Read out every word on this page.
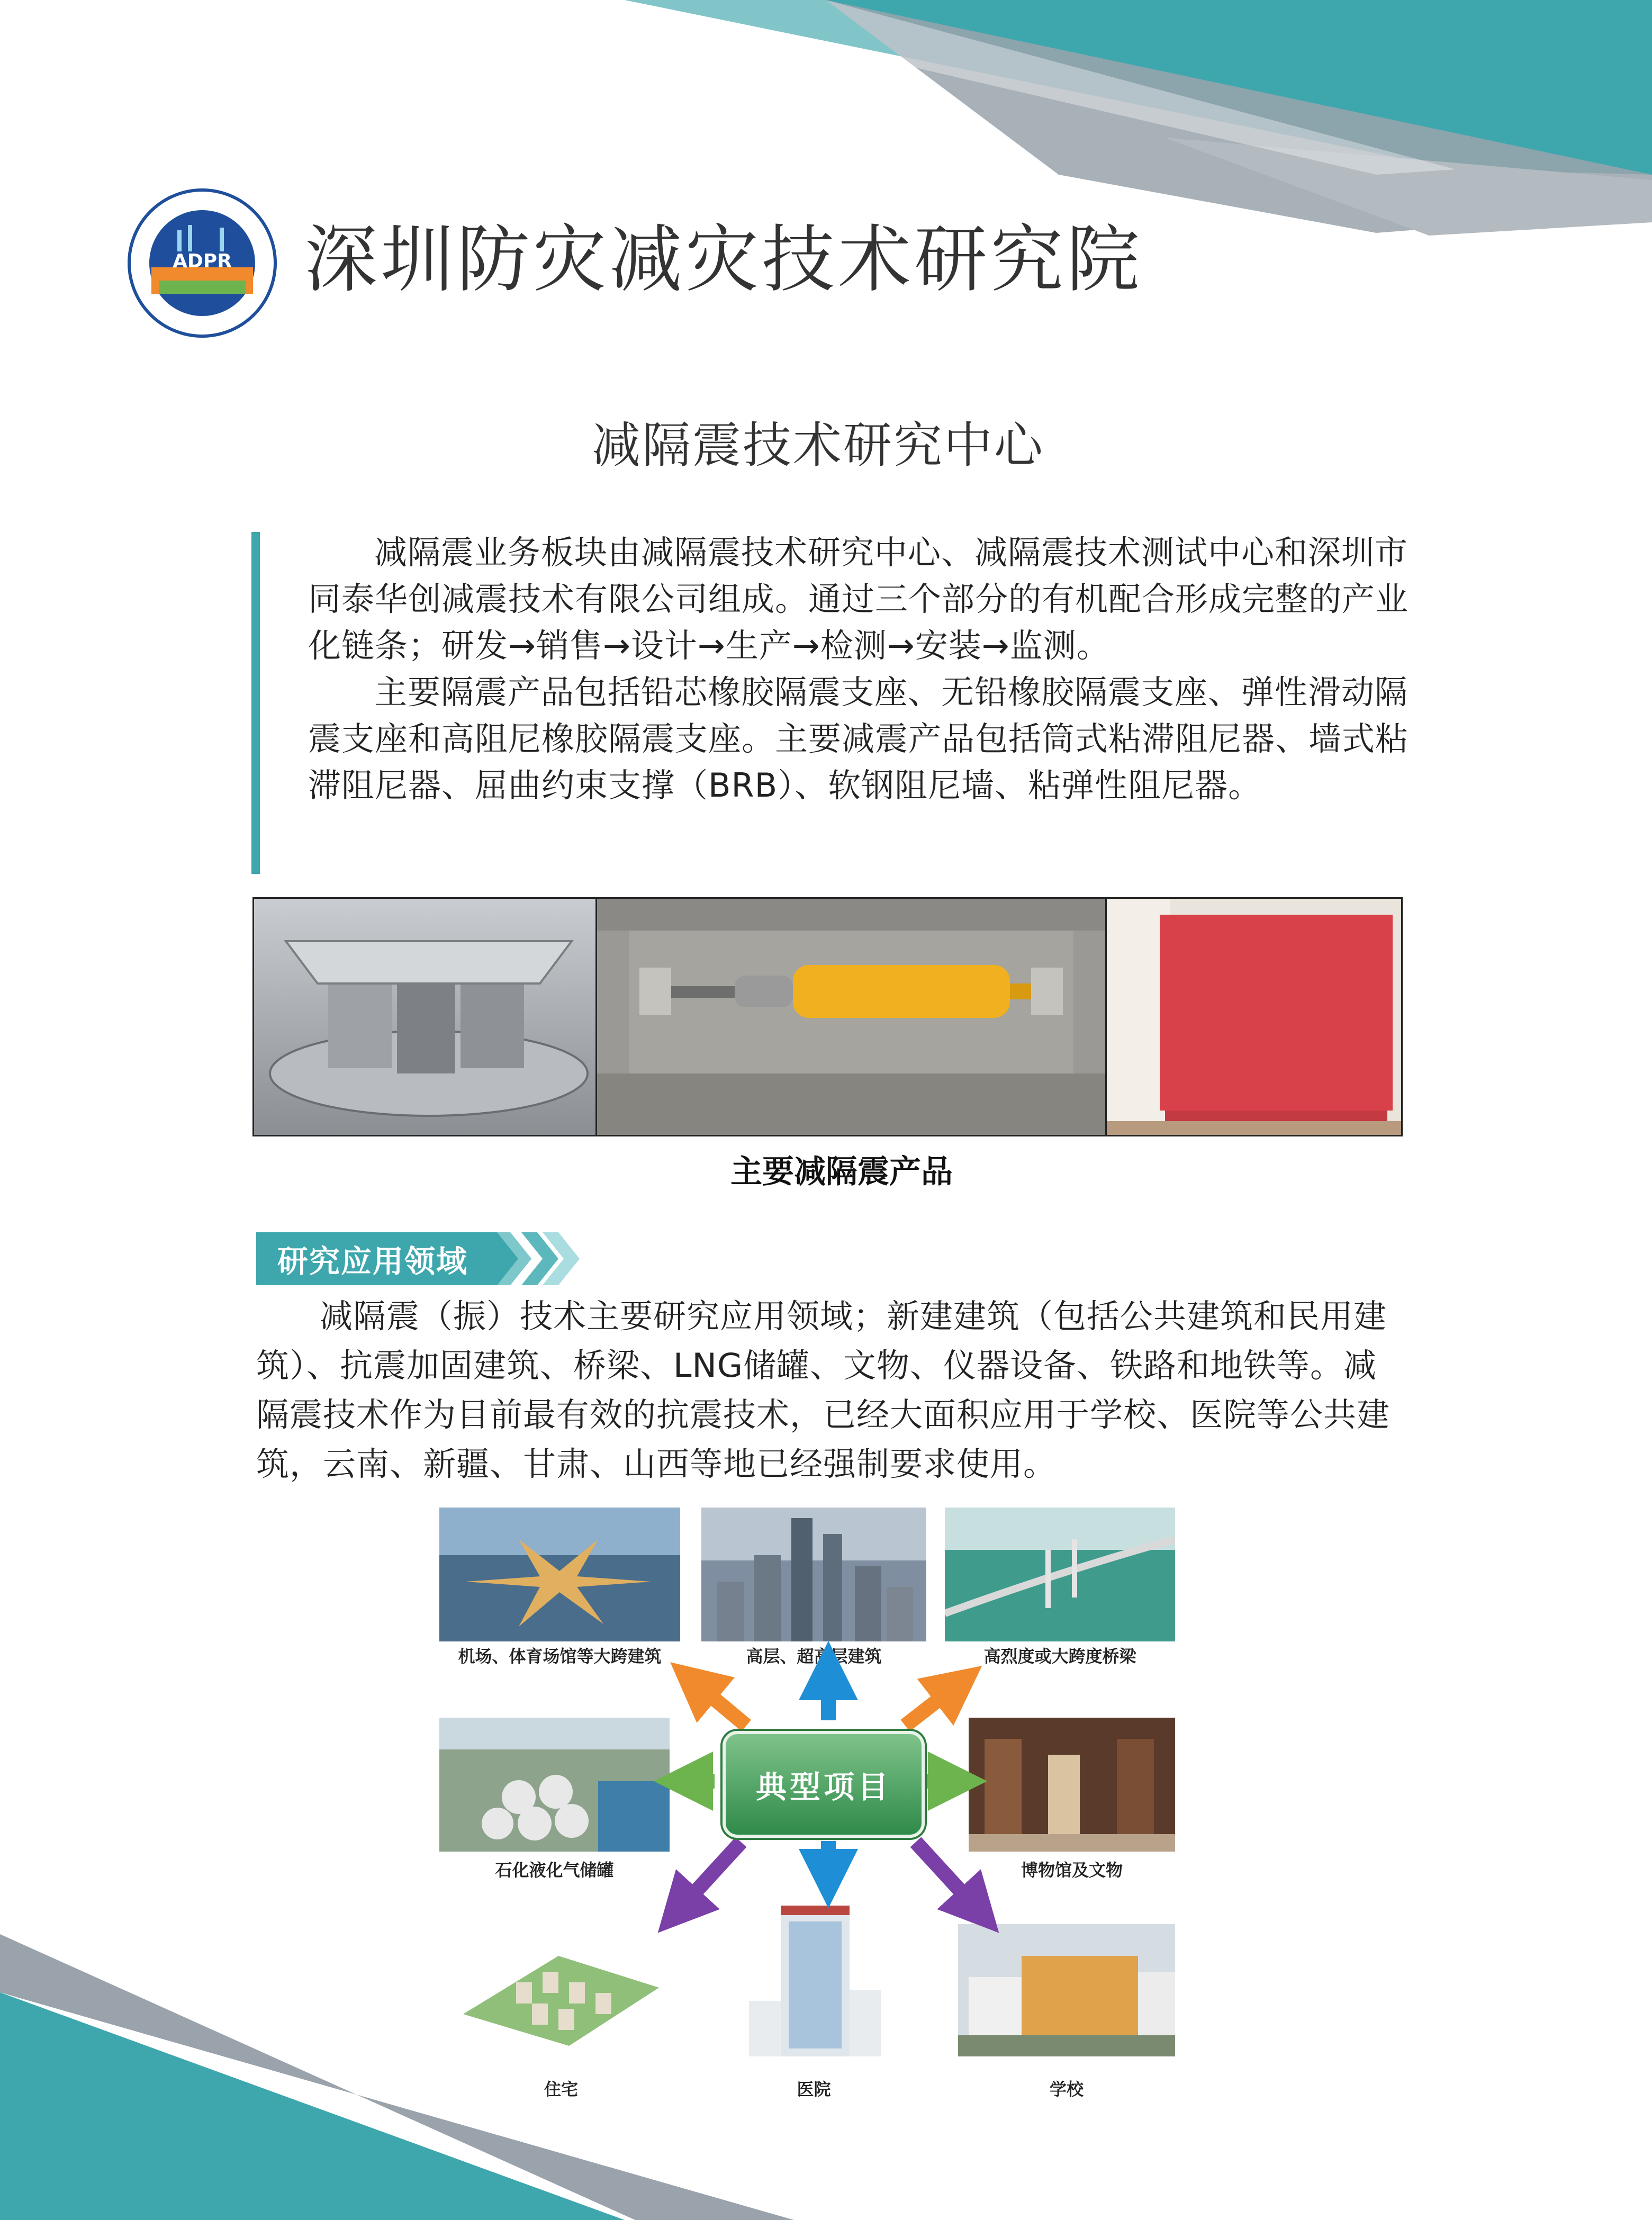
ADPR 深圳防灾减灾技术研究院
减隔震技术研究中心

减隔震业务板块由减隔震技术研究中心、减隔震技术测试中心和深圳市同泰华创减震技术有限公司组成。通过三个部分的有机配合形成完整的产业化链条；研发→销售→设计→生产→检测→安装→监测。

主要隔震产品包括铅芯橡胶隔震支座、无铅橡胶隔震支座、弹性滑动隔震支座和高阻尼橡胶隔震支座。主要减震产品包括筒式粘滞阻尼器、墙式粘滞阻尼器、屈曲约束支撑（BRB）、软钢阻尼墙、粘弹性阻尼器。

主要减隔震产品
研究应用领域

减隔震（振）技术主要研究应用领域；新建建筑（包括公共建筑和民用建筑）、抗震加固建筑、桥梁、LNG储罐、文物、仪器设备、铁路和地铁等。减隔震技术作为目前最有效的抗震技术，已经大面积应用于学校、医院等公共建筑，云南、新疆、甘肃、山西等地已经强制要求使用。

机场、体育场馆等大跨建筑	高层、超高层建筑	高烈度或大跨度桥梁
石化液化气储罐	博物馆及文物
住宅	医院	学校
典型项目
